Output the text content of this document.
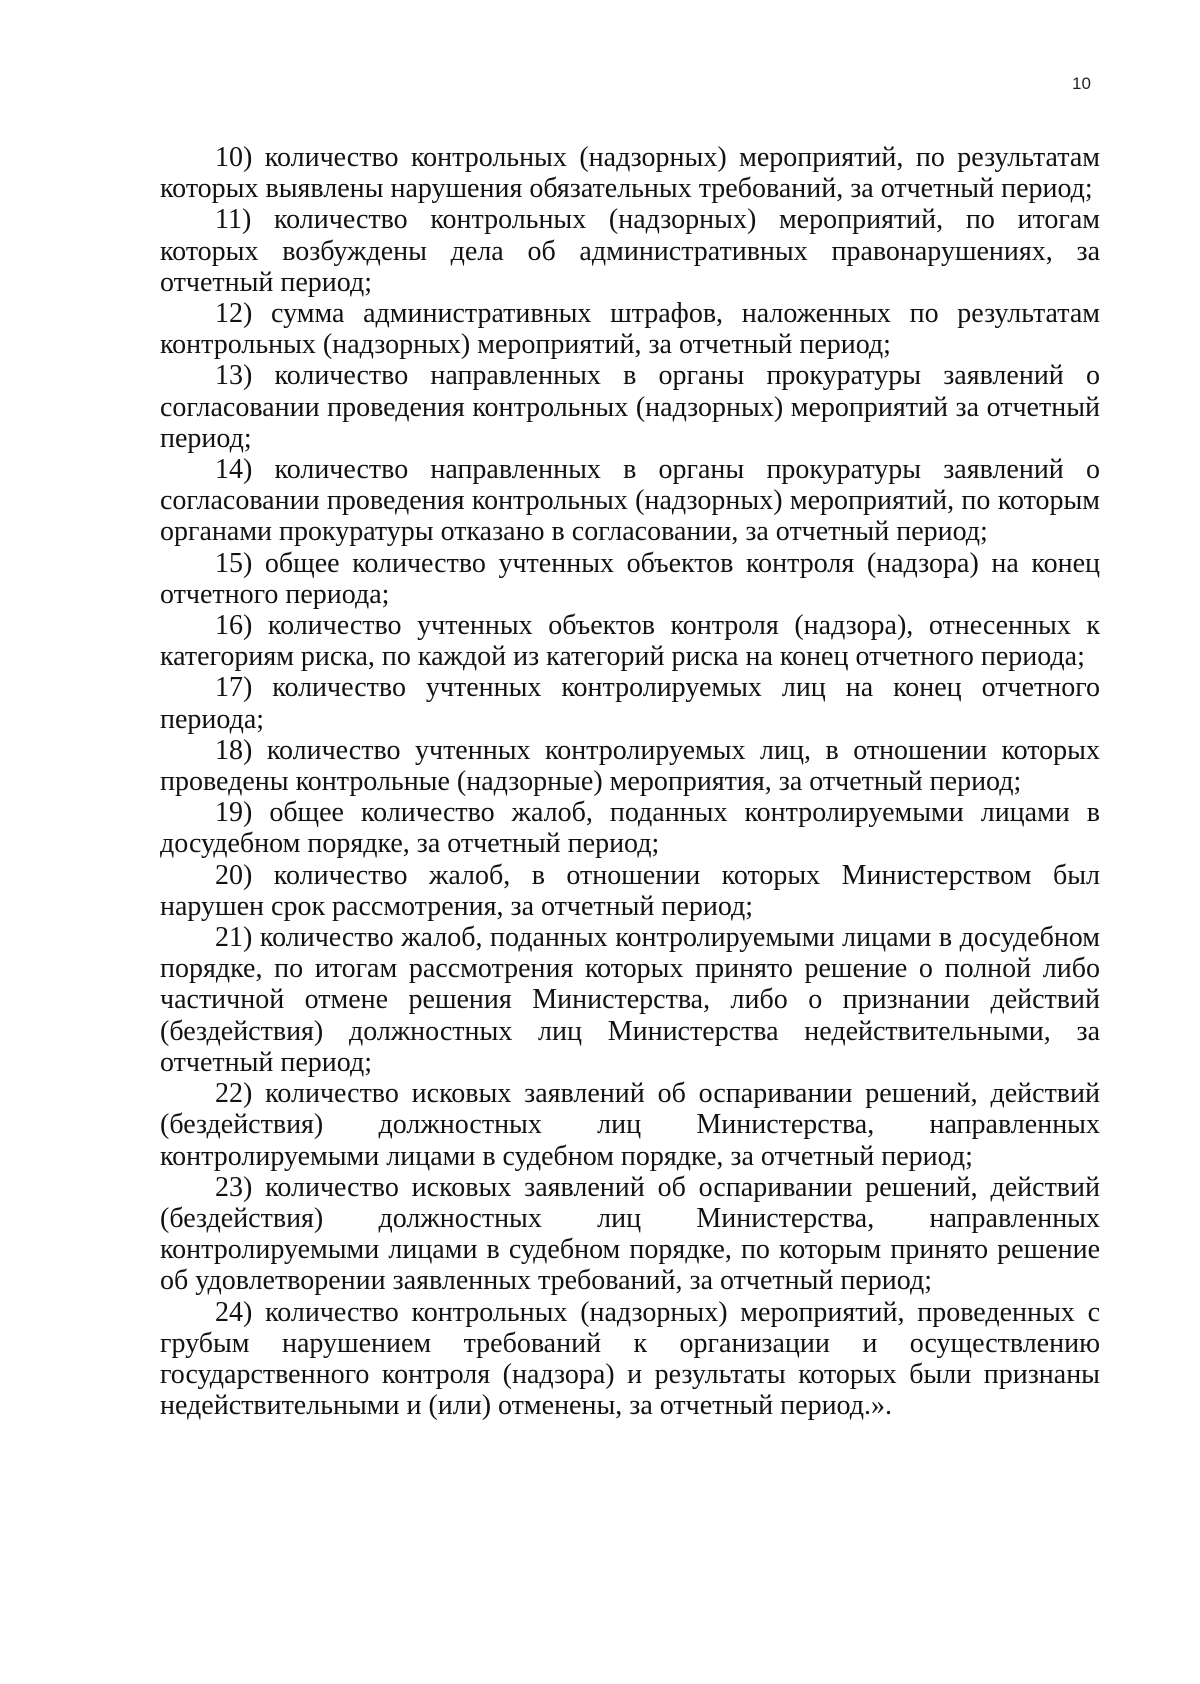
10

10) количество контрольных (надзорных) мероприятий, по результатам которых выявлены нарушения обязательных требований, за отчетный период;

11) количество контрольных (надзорных) мероприятий, по итогам которых возбуждены дела об административных правонарушениях, за отчетный период;

12) сумма административных штрафов, наложенных по результатам контрольных (надзорных) мероприятий, за отчетный период;

13) количество направленных в органы прокуратуры заявлений о согласовании проведения контрольных (надзорных) мероприятий за отчетный период;

14) количество направленных в органы прокуратуры заявлений о согласовании проведения контрольных (надзорных) мероприятий, по которым органами прокуратуры отказано в согласовании, за отчетный период;

15) общее количество учтенных объектов контроля (надзора) на конец отчетного периода;

16) количество учтенных объектов контроля (надзора), отнесенных к категориям риска, по каждой из категорий риска на конец отчетного периода;

17) количество учтенных контролируемых лиц на конец отчетного периода;

18) количество учтенных контролируемых лиц, в отношении которых проведены контрольные (надзорные) мероприятия, за отчетный период;

19) общее количество жалоб, поданных контролируемыми лицами в досудебном порядке, за отчетный период;

20) количество жалоб, в отношении которых Министерством был нарушен срок рассмотрения, за отчетный период;

21) количество жалоб, поданных контролируемыми лицами в досудебном порядке, по итогам рассмотрения которых принято решение о полной либо частичной отмене решения Министерства, либо о признании действий (бездействия) должностных лиц Министерства недействительными, за отчетный период;

22) количество исковых заявлений об оспаривании решений, действий (бездействия) должностных лиц Министерства, направленных контролируемыми лицами в судебном порядке, за отчетный период;

23) количество исковых заявлений об оспаривании решений, действий (бездействия) должностных лиц Министерства, направленных контролируемыми лицами в судебном порядке, по которым принято решение об удовлетворении заявленных требований, за отчетный период;

24) количество контрольных (надзорных) мероприятий, проведенных с грубым нарушением требований к организации и осуществлению государственного контроля (надзора) и результаты которых были признаны недействительными и (или) отменены, за отчетный период.».
